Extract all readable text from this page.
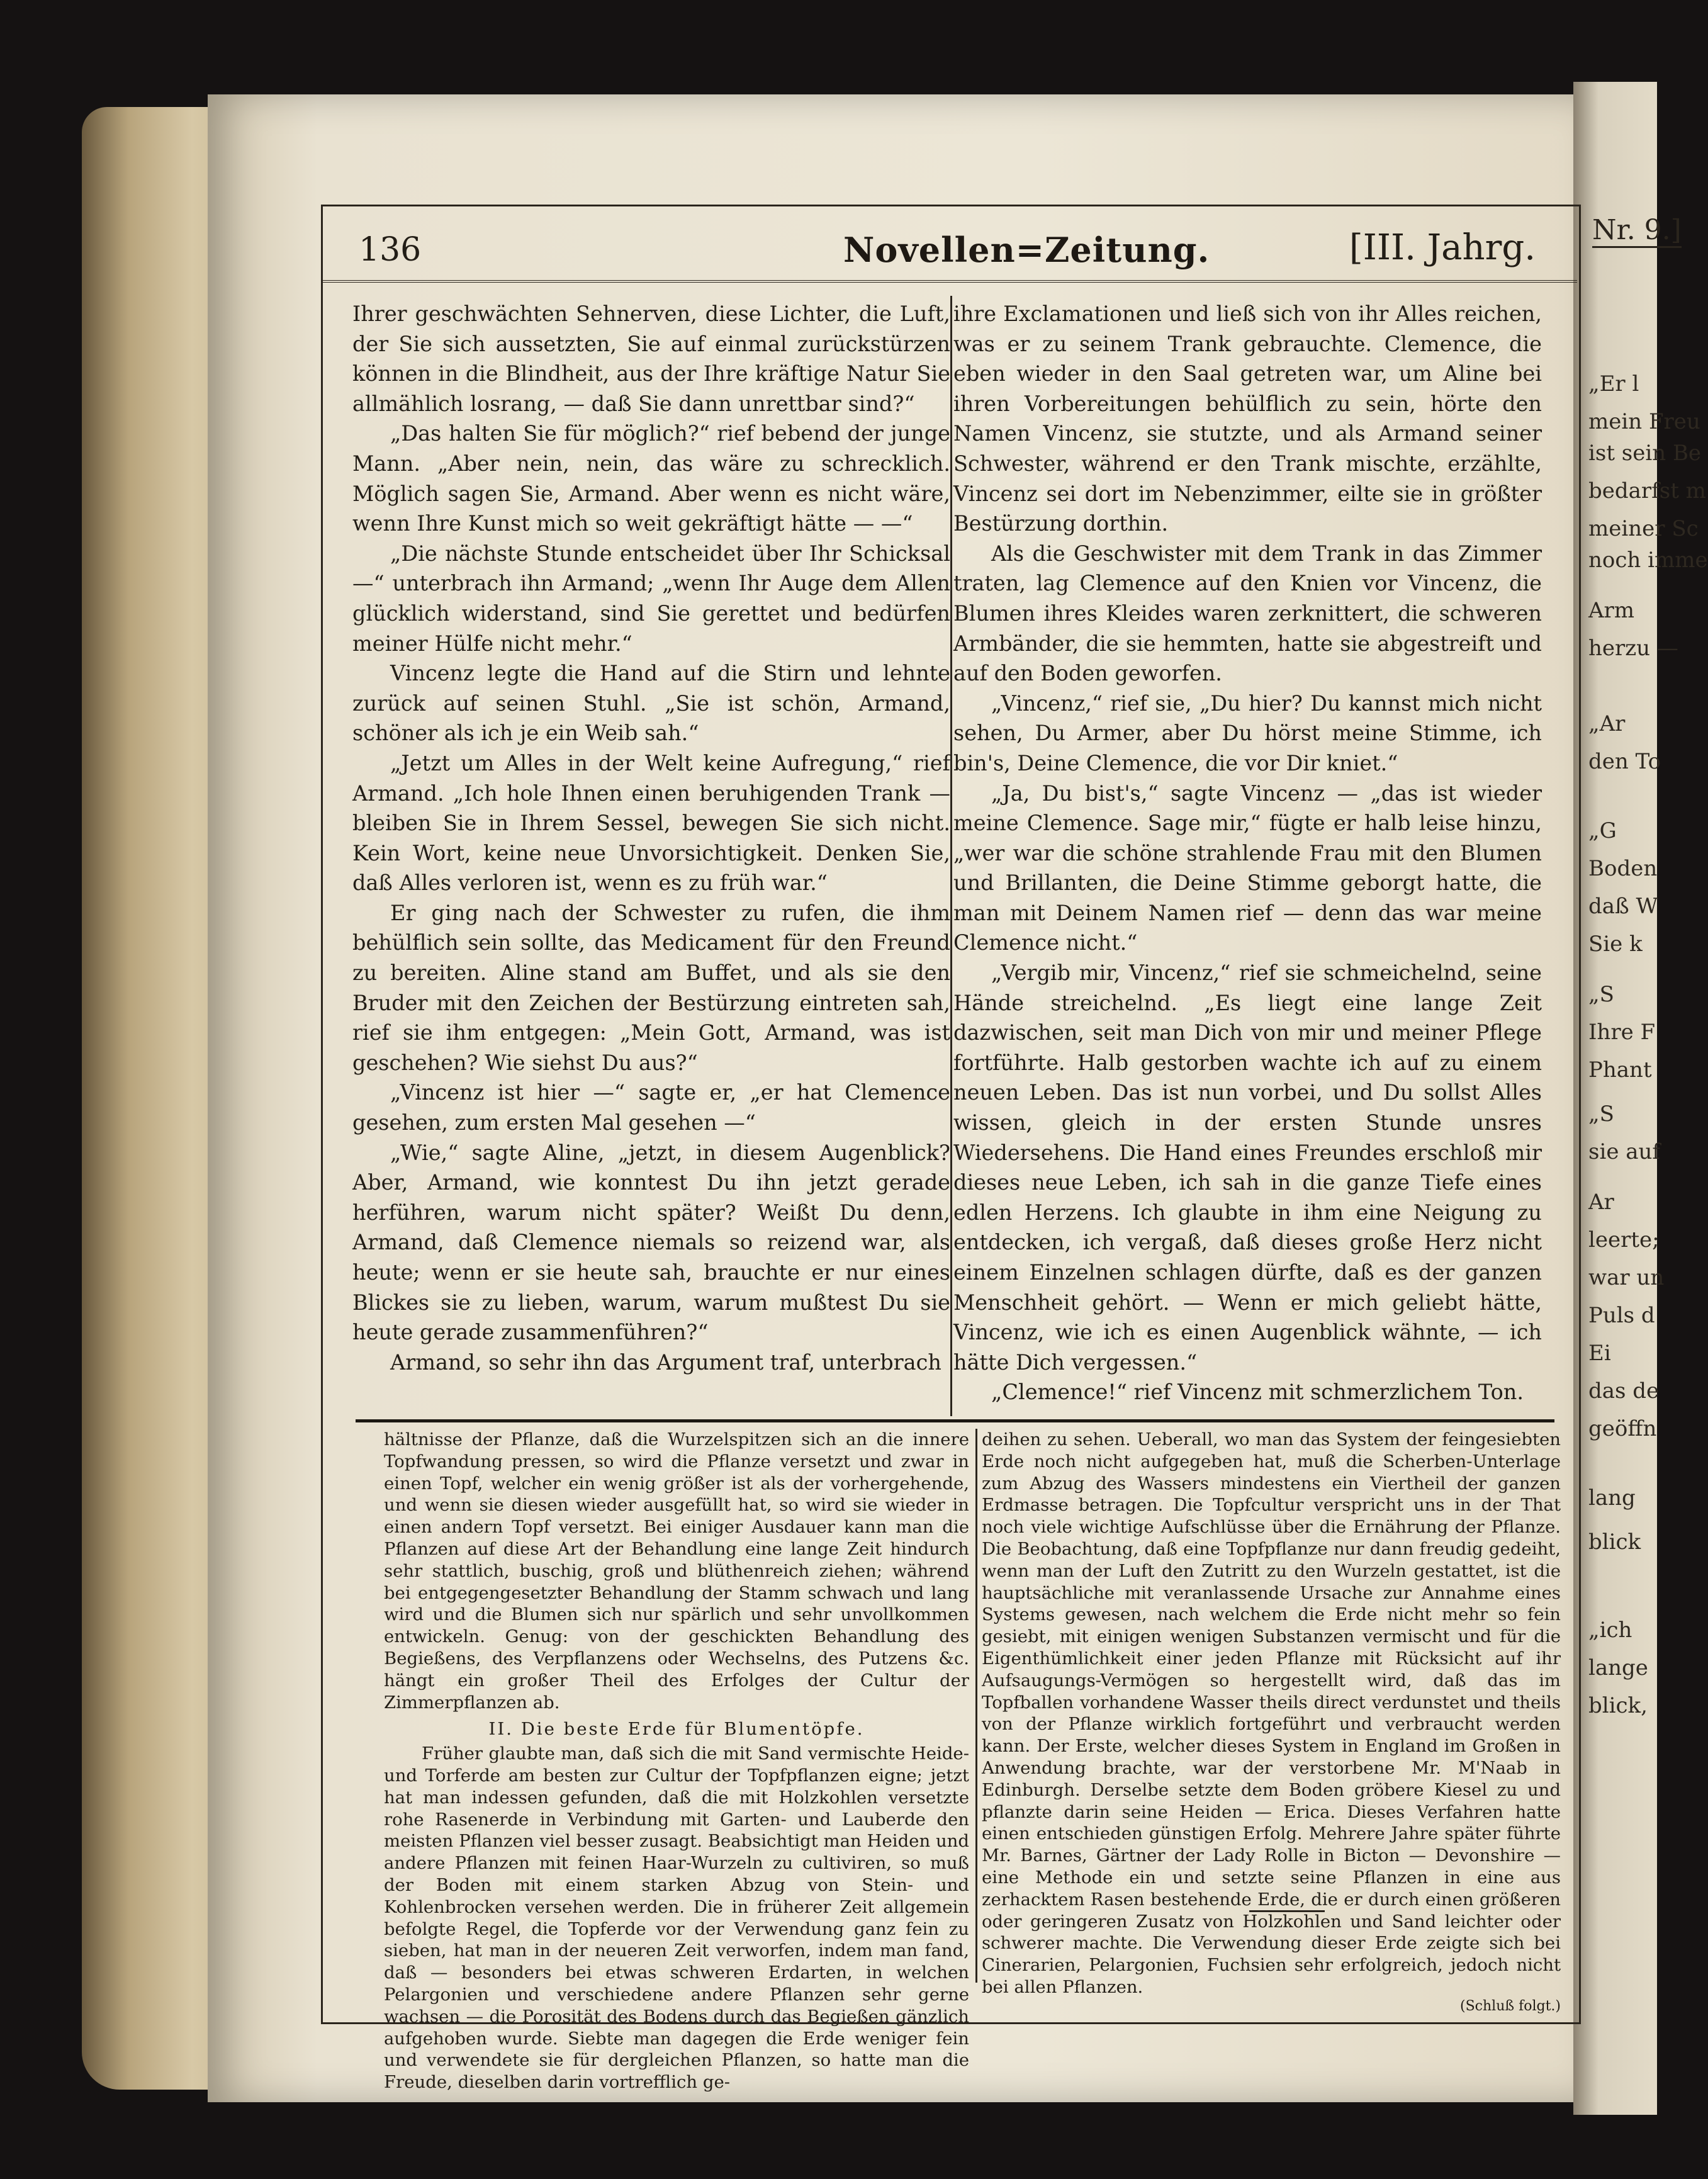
Nr. 9.]
„Er l
mein Freu
ist sein Be
bedarfst m
meiner Sc
noch imme
Arm
herzu —
„Ar
den To
„G
Boden
daß W
Sie k
„S
Ihre F
Phant
„S
sie auf
Ar
leerte;
war un
Puls d
Ei
das de
geöffn
lang
blick
„ich
lange
blick,
136	Novellen=Zeitung.	[III. Jahrg.

Ihrer geschwächten Sehnerven, diese Lichter, die Luft, der Sie sich aussetzten, Sie auf einmal zurückstürzen können in die Blindheit, aus der Ihre kräftige Natur Sie allmählich losrang, — daß Sie dann unrettbar sind?“

„Das halten Sie für möglich?“ rief bebend der junge Mann. „Aber nein, nein, das wäre zu schrecklich. Möglich sagen Sie, Armand. Aber wenn es nicht wäre, wenn Ihre Kunst mich so weit gekräftigt hätte — —“

„Die nächste Stunde entscheidet über Ihr Schicksal —“ unterbrach ihn Armand; „wenn Ihr Auge dem Allen glücklich widerstand, sind Sie gerettet und bedürfen meiner Hülfe nicht mehr.“

Vincenz legte die Hand auf die Stirn und lehnte zurück auf seinen Stuhl. „Sie ist schön, Armand, schöner als ich je ein Weib sah.“

„Jetzt um Alles in der Welt keine Aufregung,“ rief Armand. „Ich hole Ihnen einen beruhigenden Trank — bleiben Sie in Ihrem Sessel, bewegen Sie sich nicht. Kein Wort, keine neue Unvorsichtigkeit. Denken Sie, daß Alles verloren ist, wenn es zu früh war.“

Er ging nach der Schwester zu rufen, die ihm behülflich sein sollte, das Medicament für den Freund zu bereiten. Aline stand am Buffet, und als sie den Bruder mit den Zeichen der Bestürzung eintreten sah, rief sie ihm entgegen: „Mein Gott, Armand, was ist geschehen? Wie siehst Du aus?“

„Vincenz ist hier —“ sagte er, „er hat Clemence gesehen, zum ersten Mal gesehen —“

„Wie,“ sagte Aline, „jetzt, in diesem Augenblick? Aber, Armand, wie konntest Du ihn jetzt gerade herführen, warum nicht später? Weißt Du denn, Armand, daß Clemence niemals so reizend war, als heute; wenn er sie heute sah, brauchte er nur eines Blickes sie zu lieben, warum, warum mußtest Du sie heute gerade zusammenführen?“

Armand, so sehr ihn das Argument traf, unterbrach

ihre Exclamationen und ließ sich von ihr Alles reichen, was er zu seinem Trank gebrauchte. Clemence, die eben wieder in den Saal getreten war, um Aline bei ihren Vorbereitungen behülflich zu sein, hörte den Namen Vincenz, sie stutzte, und als Armand seiner Schwester, während er den Trank mischte, erzählte, Vincenz sei dort im Nebenzimmer, eilte sie in größter Bestürzung dorthin.

Als die Geschwister mit dem Trank in das Zimmer traten, lag Clemence auf den Knien vor Vincenz, die Blumen ihres Kleides waren zerknittert, die schweren Armbänder, die sie hemmten, hatte sie abgestreift und auf den Boden geworfen.

„Vincenz,“ rief sie, „Du hier? Du kannst mich nicht sehen, Du Armer, aber Du hörst meine Stimme, ich bin's, Deine Clemence, die vor Dir kniet.“

„Ja, Du bist's,“ sagte Vincenz — „das ist wieder meine Clemence. Sage mir,“ fügte er halb leise hinzu, „wer war die schöne strahlende Frau mit den Blumen und Brillanten, die Deine Stimme geborgt hatte, die man mit Deinem Namen rief — denn das war meine Clemence nicht.“

„Vergib mir, Vincenz,“ rief sie schmeichelnd, seine Hände streichelnd. „Es liegt eine lange Zeit dazwischen, seit man Dich von mir und meiner Pflege fortführte. Halb gestorben wachte ich auf zu einem neuen Leben. Das ist nun vorbei, und Du sollst Alles wissen, gleich in der ersten Stunde unsres Wiedersehens. Die Hand eines Freundes erschloß mir dieses neue Leben, ich sah in die ganze Tiefe eines edlen Herzens. Ich glaubte in ihm eine Neigung zu entdecken, ich vergaß, daß dieses große Herz nicht einem Einzelnen schlagen dürfte, daß es der ganzen Menschheit gehört. — Wenn er mich geliebt hätte, Vincenz, wie ich es einen Augenblick wähnte, — ich hätte Dich vergessen.“

„Clemence!“ rief Vincenz mit schmerzlichem Ton.

hältnisse der Pflanze, daß die Wurzelspitzen sich an die innere Topfwandung pressen, so wird die Pflanze versetzt und zwar in einen Topf, welcher ein wenig größer ist als der vorhergehende, und wenn sie diesen wieder ausgefüllt hat, so wird sie wieder in einen andern Topf versetzt. Bei einiger Ausdauer kann man die Pflanzen auf diese Art der Behandlung eine lange Zeit hindurch sehr stattlich, buschig, groß und blüthenreich ziehen; während bei entgegengesetzter Behandlung der Stamm schwach und lang wird und die Blumen sich nur spärlich und sehr unvollkommen entwickeln. Genug: von der geschickten Behandlung des Begießens, des Verpflanzens oder Wechselns, des Putzens &c. hängt ein großer Theil des Erfolges der Cultur der Zimmerpflanzen ab.

II. Die beste Erde für Blumentöpfe.

Früher glaubte man, daß sich die mit Sand vermischte Heide- und Torferde am besten zur Cultur der Topfpflanzen eigne; jetzt hat man indessen gefunden, daß die mit Holzkohlen versetzte rohe Rasenerde in Verbindung mit Garten- und Lauberde den meisten Pflanzen viel besser zusagt. Beabsichtigt man Heiden und andere Pflanzen mit feinen Haar-Wurzeln zu cultiviren, so muß der Boden mit einem starken Abzug von Stein- und Kohlenbrocken versehen werden. Die in früherer Zeit allgemein befolgte Regel, die Topferde vor der Verwendung ganz fein zu sieben, hat man in der neueren Zeit verworfen, indem man fand, daß — besonders bei etwas schweren Erdarten, in welchen Pelargonien und verschiedene andere Pflanzen sehr gerne wachsen — die Porosität des Bodens durch das Begießen gänzlich aufgehoben wurde. Siebte man dagegen die Erde weniger fein und verwendete sie für dergleichen Pflanzen, so hatte man die Freude, dieselben darin vortrefflich ge-

deihen zu sehen. Ueberall, wo man das System der feingesiebten Erde noch nicht aufgegeben hat, muß die Scherben-Unterlage zum Abzug des Wassers mindestens ein Viertheil der ganzen Erdmasse betragen. Die Topfcultur verspricht uns in der That noch viele wichtige Aufschlüsse über die Ernährung der Pflanze. Die Beobachtung, daß eine Topfpflanze nur dann freudig gedeiht, wenn man der Luft den Zutritt zu den Wurzeln gestattet, ist die hauptsächliche mit veranlassende Ursache zur Annahme eines Systems gewesen, nach welchem die Erde nicht mehr so fein gesiebt, mit einigen wenigen Substanzen vermischt und für die Eigenthümlichkeit einer jeden Pflanze mit Rücksicht auf ihr Aufsaugungs-Vermögen so hergestellt wird, daß das im Topfballen vorhandene Wasser theils direct verdunstet und theils von der Pflanze wirklich fortgeführt und verbraucht werden kann. Der Erste, welcher dieses System in England im Großen in Anwendung brachte, war der verstorbene Mr. M'Naab in Edinburgh. Derselbe setzte dem Boden gröbere Kiesel zu und pflanzte darin seine Heiden — Erica. Dieses Verfahren hatte einen entschieden günstigen Erfolg. Mehrere Jahre später führte Mr. Barnes, Gärtner der Lady Rolle in Bicton — Devonshire — eine Methode ein und setzte seine Pflanzen in eine aus zerhacktem Rasen bestehende Erde, die er durch einen größeren oder geringeren Zusatz von Holzkohlen und Sand leichter oder schwerer machte. Die Verwendung dieser Erde zeigte sich bei Cinerarien, Pelargonien, Fuchsien sehr erfolgreich, jedoch nicht bei allen Pflanzen.

(Schluß folgt.)
